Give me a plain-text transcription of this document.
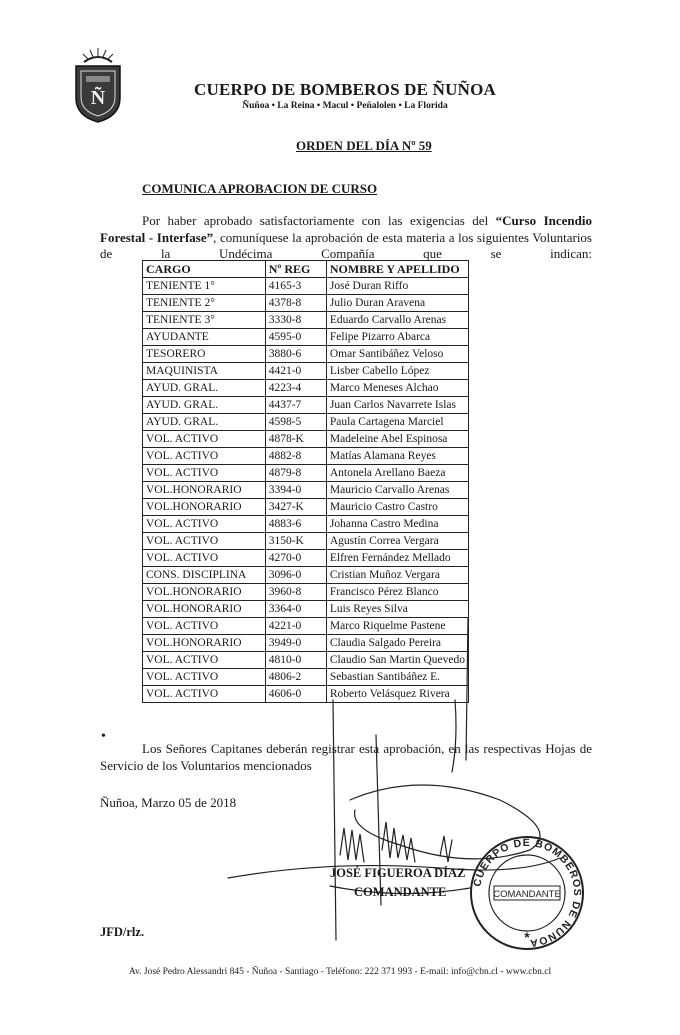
Ñ	CUERPO DE BOMBEROS DE ÑUÑOA
Ñuñoa • La Reina • Macul • Peñalolen • La Florida
ORDEN DEL DÍA Nº 59
COMUNICA APROBACION DE CURSO
Por haber aprobado satisfactoriamente con las exigencias del “Curso Incendio Forestal - Interfase”, comuníquese la aprobación de esta materia a los siguientes Voluntarios de la Undécima Compañía que se indican:
CARGO	Nº REG	NOMBRE Y APELLIDO
TENIENTE 1°	4165-3	José Duran Riffo
TENIENTE 2°	4378-8	Julio Duran Aravena
TENIENTE 3°	3330-8	Eduardo Carvallo Arenas
AYUDANTE	4595-0	Felipe Pizarro Abarca
TESORERO	3880-6	Omar Santibáñez Veloso
MAQUINISTA	4421-0	Lisber Cabello López
AYUD. GRAL.	4223-4	Marco Meneses Alchao
AYUD. GRAL.	4437-7	Juan Carlos Navarrete Islas
AYUD. GRAL.	4598-5	Paula Cartagena Marciel
VOL. ACTIVO	4878-K	Madeleine Abel Espinosa
VOL. ACTIVO	4882-8	Matías Alamana Reyes
VOL. ACTIVO	4879-8	Antonela Arellano Baeza
VOL.HONORARIO	3394-0	Mauricio Carvallo Arenas
VOL.HONORARIO	3427-K	Mauricio Castro Castro
VOL. ACTIVO	4883-6	Johanna Castro Medina
VOL. ACTIVO	3150-K	Agustín Correa Vergara
VOL. ACTIVO	4270-0	Elfren Fernández Mellado
CONS. DISCIPLINA	3096-0	Cristian Muñoz Vergara
VOL.HONORARIO	3960-8	Francisco Pérez Blanco
VOL.HONORARIO	3364-0	Luis Reyes Silva
VOL. ACTIVO	4221-0	Marco Riquelme Pastene
VOL.HONORARIO	3949-0	Claudia Salgado Pereira
VOL. ACTIVO	4810-0	Claudio San Martin Quevedo
VOL. ACTIVO	4806-2	Sebastian Santibáñez E.
VOL. ACTIVO	4606-0	Roberto Velásquez Rivera
•
Los Señores Capitanes deberán registrar esta aprobación, en las respectivas Hojas de Servicio de los Voluntarios mencionados
Ñuñoa, Marzo 05 de 2018
JOSÉ FIGUEROA DÍAZ
COMANDANTE
CUERPO DE BOMBEROS DE ÑUÑOA
COMANDANTE
*
JFD/rlz.
Av. José Pedro Alessandri 845 - Ñuñoa - Santiago - Teléfono: 222 371 993 - E-mail: info@cbn.cl - www.cbn.cl
